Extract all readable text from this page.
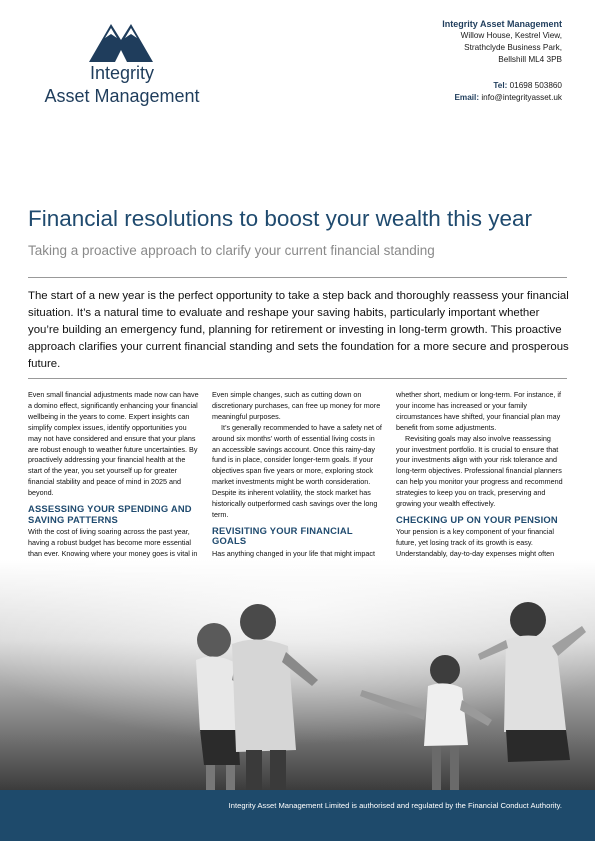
Integrity
Asset Management
Integrity Asset Management
Willow House, Kestrel View,
Strathclyde Business Park,
Bellshill ML4 3PB
Tel: 01698 503860
Email: info@integrityasset.uk
Financial resolutions to boost your wealth this year
Taking a proactive approach to clarify your current financial standing
The start of a new year is the perfect opportunity to take a step back and thoroughly reassess your financial situation. It’s a natural time to evaluate and reshape your saving habits, particularly important whether you’re building an emergency fund, planning for retirement or investing in long-term growth. This proactive approach clarifies your current financial standing and sets the foundation for a more secure and prosperous future.

Even small financial adjustments made now can have a domino effect, significantly enhancing your financial wellbeing in the years to come. Expert insights can simplify complex issues, identify opportunities you may not have considered and ensure that your plans are robust enough to weather future uncertainties. By proactively addressing your financial health at the start of the year, you set yourself up for greater financial stability and peace of mind in 2025 and beyond.

ASSESSING YOUR SPENDING AND SAVING PATTERNS

With the cost of living soaring across the past year, having a robust budget has become more essential than ever. Knowing where your money goes is vital in

Even simple changes, such as cutting down on discretionary purchases, can free up money for more meaningful purposes.

It’s generally recommended to have a safety net of around six months’ worth of essential living costs in an accessible savings account. Once this rainy-day fund is in place, consider longer-term goals. If your objectives span five years or more, exploring stock market investments might be worth consideration. Despite its inherent volatility, the stock market has historically outperformed cash savings over the long term.

REVISITING YOUR FINANCIAL GOALS

Has anything changed in your life that might impact

whether short, medium or long-term. For instance, if your income has increased or your family circumstances have shifted, your financial plan may benefit from some adjustments.

Revisiting goals may also involve reassessing your investment portfolio. It is crucial to ensure that your investments align with your risk tolerance and long-term objectives. Professional financial planners can help you monitor your progress and recommend strategies to keep you on track, preserving and growing your wealth effectively.

CHECKING UP ON YOUR PENSION

Your pension is a key component of your financial future, yet losing track of its growth is easy. Understandably, day-to-day expenses might often

Integrity Asset Management Limited is authorised and regulated by the Financial Conduct Authority.
